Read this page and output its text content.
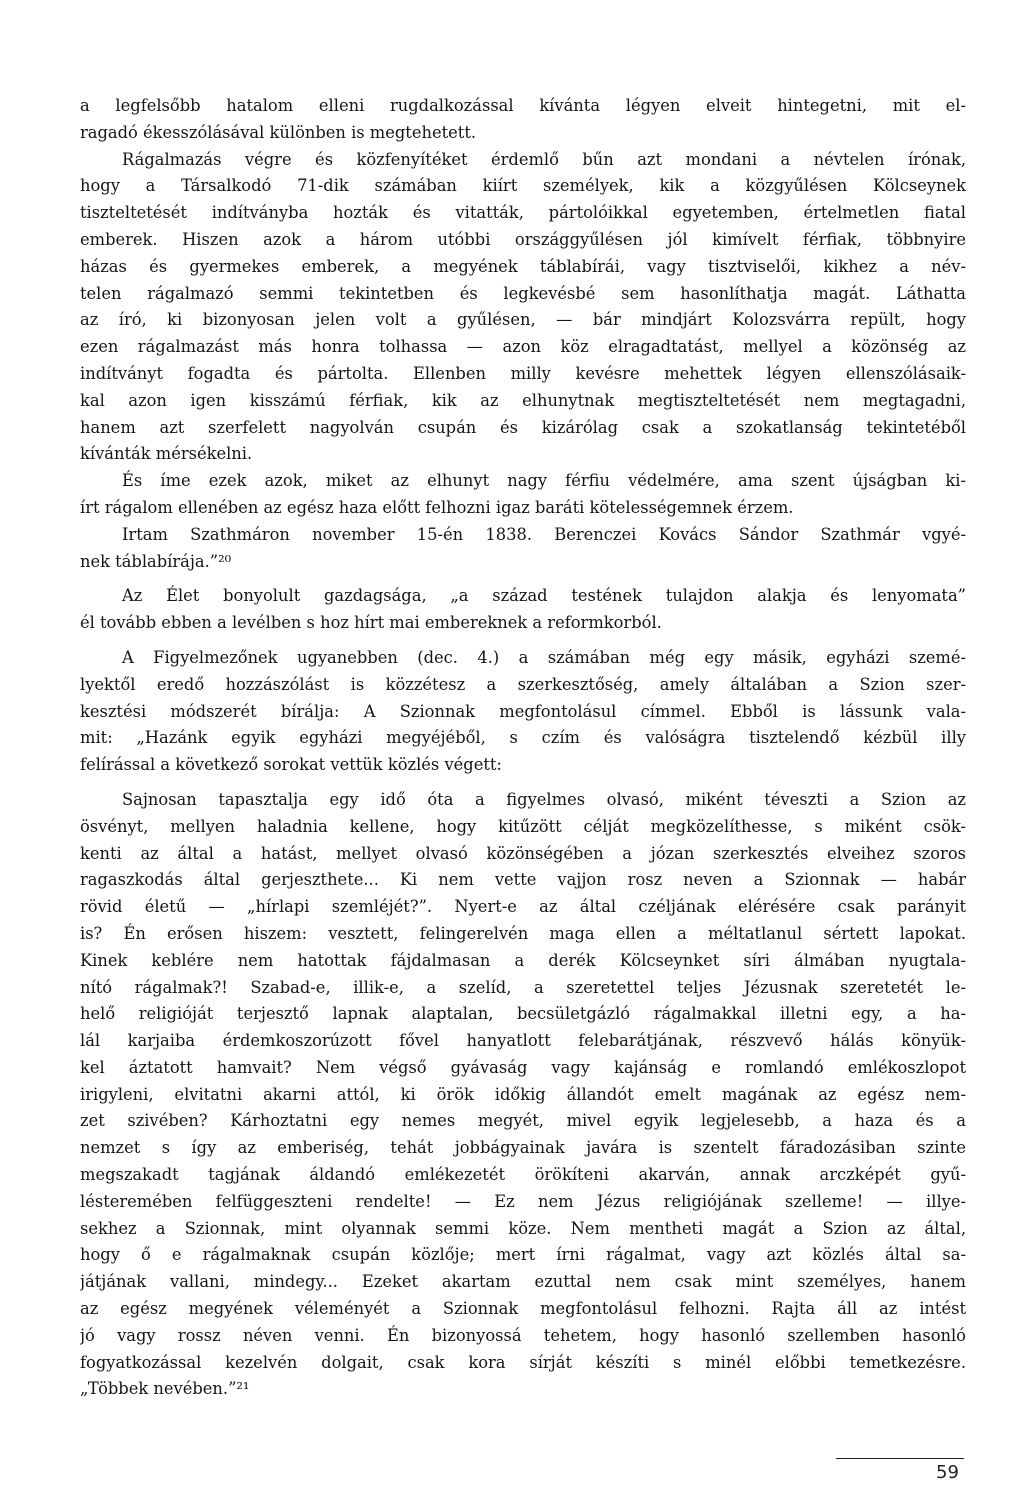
a legfelsőbb hatalom elleni rugdalkozással kívánta légyen elveit hintegetni, mit el-
ragadó ékesszólásával különben is megtehetett.
Rágalmazás végre és közfenyítéket érdemlő bűn azt mondani a névtelen írónak,
hogy a Társalkodó 71-dik számában kiírt személyek, kik a közgyűlésen Kölcseynek
tiszteltetését indítványba hozták és vitatták, pártolóikkal egyetemben, értelmetlen fiatal
emberek. Hiszen azok a három utóbbi országgyűlésen jól kimívelt férfiak, többnyire
házas és gyermekes emberek, a megyének táblabírái, vagy tisztviselői, kikhez a név-
telen rágalmazó semmi tekintetben és legkevésbé sem hasonlíthatja magát. Láthatta
az író, ki bizonyosan jelen volt a gyűlésen, — bár mindjárt Kolozsvárra repült, hogy
ezen rágalmazást más honra tolhassa — azon köz elragadtatást, mellyel a közönség az
indítványt fogadta és pártolta. Ellenben milly kevésre mehettek légyen ellenszólásaik-
kal azon igen kisszámú férfiak, kik az elhunytnak megtiszteltetését nem megtagadni,
hanem azt szerfelett nagyolván csupán és kizárólag csak a szokatlanság tekintetéből
kívánták mérsékelni.
És íme ezek azok, miket az elhunyt nagy férfiu védelmére, ama szent újságban ki-
írt rágalom ellenében az egész haza előtt felhozni igaz baráti kötelességemnek érzem.
Irtam Szathmáron november 15-én 1838. Berenczei Kovács Sándor Szathmár vgyé-
nek táblabírája.”²⁰
Az Élet bonyolult gazdagsága, „a század testének tulajdon alakja és lenyomata”
él tovább ebben a levélben s hoz hírt mai embereknek a reformkorból.
A Figyelmezőnek ugyanebben (dec. 4.) a számában még egy másik, egyházi szemé-
lyektől eredő hozzászólást is közzétesz a szerkesztőség, amely általában a Szion szer-
kesztési módszerét bírálja: A Szionnak megfontolásul címmel. Ebből is lássunk vala-
mit: „Hazánk egyik egyházi megyéjéből, s czím és valóságra tisztelendő kézbül illy
felírással a következő sorokat vettük közlés végett:
Sajnosan tapasztalja egy idő óta a figyelmes olvasó, miként téveszti a Szion az
ösvényt, mellyen haladnia kellene, hogy kitűzött célját megközelíthesse, s miként csök-
kenti az által a hatást, mellyet olvasó közönségében a józan szerkesztés elveihez szoros
ragaszkodás által gerjeszthete... Ki nem vette vajjon rosz neven a Szionnak — habár
rövid életű — „hírlapi szemléjét?”. Nyert-e az által czéljának elérésére csak parányit
is? Én erősen hiszem: vesztett, felingerelvén maga ellen a méltatlanul sértett lapokat.
Kinek keblére nem hatottak fájdalmasan a derék Kölcseynket síri álmában nyugtala-
nító rágalmak?! Szabad-e, illik-e, a szelíd, a szeretettel teljes Jézusnak szeretetét le-
helő religióját terjesztő lapnak alaptalan, becsületgázló rágalmakkal illetni egy, a ha-
lál karjaiba érdemkoszorúzott fővel hanyatlott felebarátjának, részvevő hálás könyük-
kel áztatott hamvait? Nem végső gyávaság vagy kajánság e romlandó emlékoszlopot
irigyleni, elvitatni akarni attól, ki örök időkig állandót emelt magának az egész nem-
zet szivében? Kárhoztatni egy nemes megyét, mivel egyik legjelesebb, a haza és a
nemzet s így az emberiség, tehát jobbágyainak javára is szentelt fáradozásiban szinte
megszakadt tagjának áldandó emlékezetét örökíteni akarván, annak arczképét gyű-
lésteremében felfüggeszteni rendelte! — Ez nem Jézus religiójának szelleme! — illye-
sekhez a Szionnak, mint olyannak semmi köze. Nem mentheti magát a Szion az által,
hogy ő e rágalmaknak csupán közlője; mert írni rágalmat, vagy azt közlés által sa-
játjának vallani, mindegy... Ezeket akartam ezuttal nem csak mint személyes, hanem
az egész megyének véleményét a Szionnak megfontolásul felhozni. Rajta áll az intést
jó vagy rossz néven venni. Én bizonyossá tehetem, hogy hasonló szellemben hasonló
fogyatkozással kezelvén dolgait, csak kora sírját készíti s minél előbbi temetkezésre.
„Többek nevében.”²¹
59
